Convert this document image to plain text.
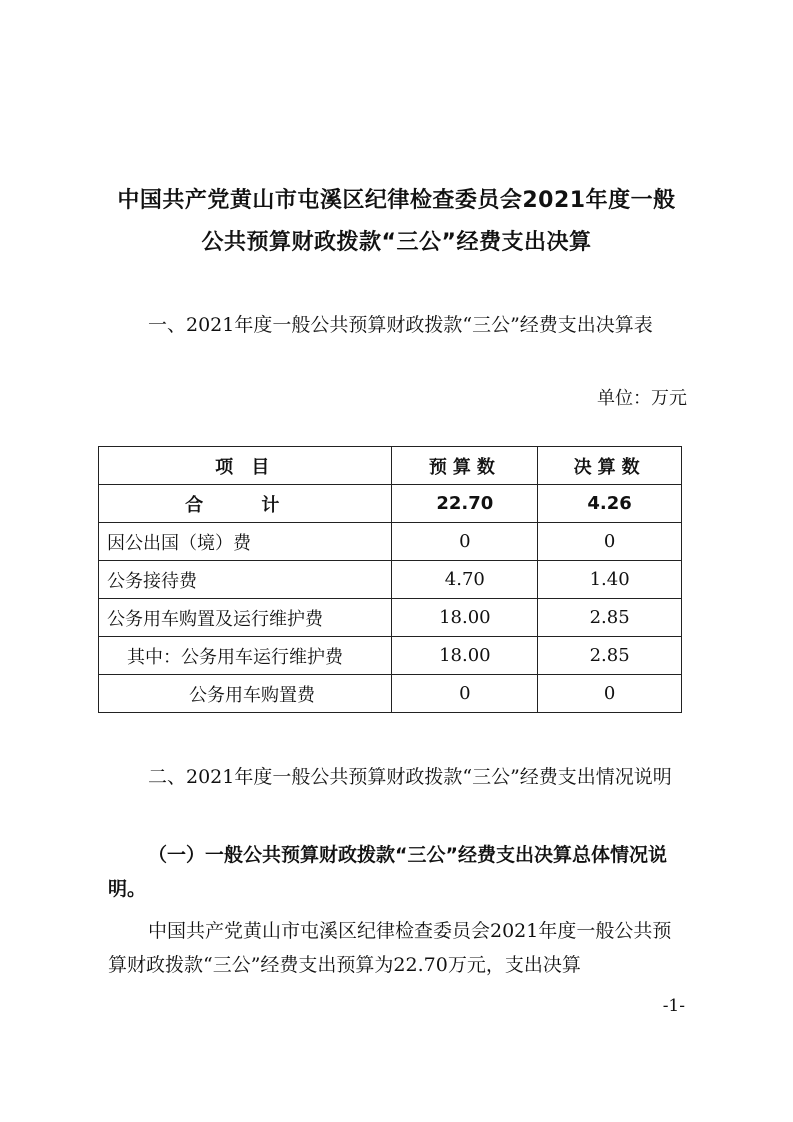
中国共产党黄山市屯溪区纪律检查委员会2021年度一般
公共预算财政拨款“三公”经费支出决算
一、2021年度一般公共预算财政拨款“三公”经费支出决算表
单位：万元
项 目	预算数	决算数
合 计	22.70	4.26
因公出国（境）费	0	0
公务接待费	4.70	1.40
公务用车购置及运行维护费	18.00	2.85
其中：公务用车运行维护费	18.00	2.85
公务用车购置费	0	0
二、2021年度一般公共预算财政拨款“三公”经费支出情况说明
（一）一般公共预算财政拨款“三公”经费支出决算总体情况说明。
中国共产党黄山市屯溪区纪律检查委员会2021年度一般公共预算财政拨款“三公”经费支出预算为22.70万元，支出决算
-1-
